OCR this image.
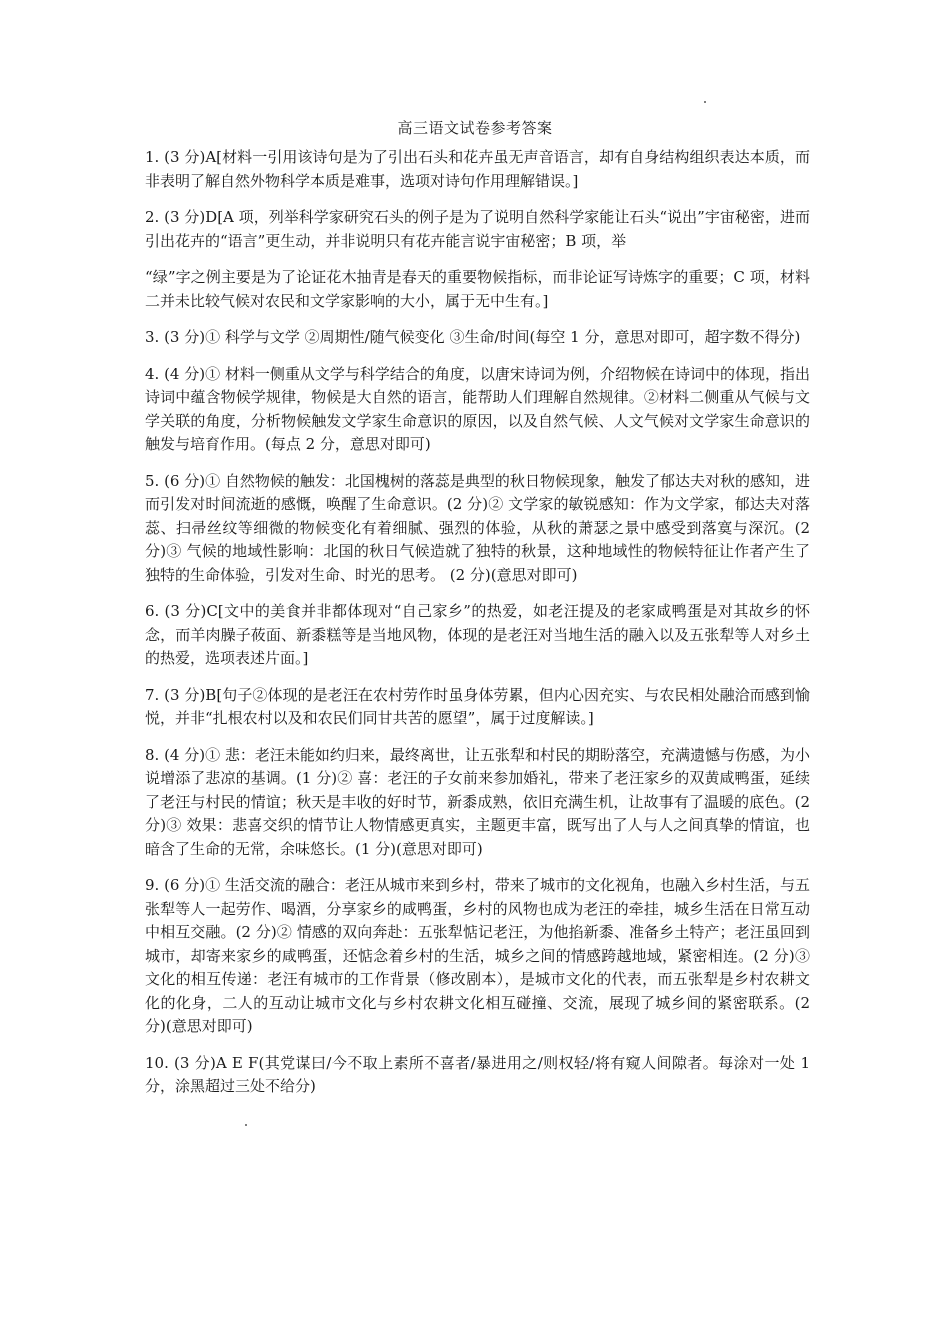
高三语文试卷参考答案

1. (3 分)A[材料一引用该诗句是为了引出石头和花卉虽无声音语言，却有自身结构组织表达本质，而非表明了解自然外物科学本质是难事，选项对诗句作用理解错误。]

2. (3 分)D[A 项，列举科学家研究石头的例子是为了说明自然科学家能让石头“说出”宇宙秘密，进而引出花卉的“语言”更生动，并非说明只有花卉能言说宇宙秘密；B 项，举

“绿”字之例主要是为了论证花木抽青是春天的重要物候指标，而非论证写诗炼字的重要；C 项，材料二并未比较气候对农民和文学家影响的大小，属于无中生有。]

3. (3 分)① 科学与文学 ②周期性/随气候变化 ③生命/时间(每空 1 分，意思对即可，超字数不得分)

4. (4 分)① 材料一侧重从文学与科学结合的角度，以唐宋诗词为例，介绍物候在诗词中的体现，指出诗词中蕴含物候学规律，物候是大自然的语言，能帮助人们理解自然规律。②材料二侧重从气候与文学关联的角度，分析物候触发文学家生命意识的原因，以及自然气候、人文气候对文学家生命意识的触发与培育作用。(每点 2 分，意思对即可)

5. (6 分)① 自然物候的触发：北国槐树的落蕊是典型的秋日物候现象，触发了郁达夫对秋的感知，进而引发对时间流逝的感慨，唤醒了生命意识。(2 分)② 文学家的敏锐感知：作为文学家，郁达夫对落蕊、扫帚丝纹等细微的物候变化有着细腻、强烈的体验，从秋的萧瑟之景中感受到落寞与深沉。(2 分)③ 气候的地域性影响：北国的秋日气候造就了独特的秋景，这种地域性的物候特征让作者产生了独特的生命体验，引发对生命、时光的思考。 (2 分)(意思对即可)

6. (3 分)C[文中的美食并非都体现对“自己家乡”的热爱，如老汪提及的老家咸鸭蛋是对其故乡的怀念，而羊肉臊子莜面、新黍糕等是当地风物，体现的是老汪对当地生活的融入以及五张犁等人对乡土的热爱，选项表述片面。]

7. (3 分)B[句子②体现的是老汪在农村劳作时虽身体劳累，但内心因充实、与农民相处融洽而感到愉悦，并非“扎根农村以及和农民们同甘共苦的愿望”，属于过度解读。]

8. (4 分)① 悲：老汪未能如约归来，最终离世，让五张犁和村民的期盼落空，充满遗憾与伤感，为小说增添了悲凉的基调。(1 分)② 喜：老汪的子女前来参加婚礼，带来了老汪家乡的双黄咸鸭蛋，延续了老汪与村民的情谊；秋天是丰收的好时节，新黍成熟，依旧充满生机，让故事有了温暖的底色。(2 分)③ 效果：悲喜交织的情节让人物情感更真实，主题更丰富，既写出了人与人之间真挚的情谊，也暗含了生命的无常，余味悠长。(1 分)(意思对即可)

9. (6 分)① 生活交流的融合：老汪从城市来到乡村，带来了城市的文化视角，也融入乡村生活，与五张犁等人一起劳作、喝酒，分享家乡的咸鸭蛋，乡村的风物也成为老汪的牵挂，城乡生活在日常互动中相互交融。(2 分)② 情感的双向奔赴：五张犁惦记老汪，为他掐新黍、准备乡土特产；老汪虽回到城市，却寄来家乡的咸鸭蛋，还惦念着乡村的生活，城乡之间的情感跨越地域，紧密相连。(2 分)③ 文化的相互传递：老汪有城市的工作背景（修改剧本），是城市文化的代表，而五张犁是乡村农耕文化的化身，二人的互动让城市文化与乡村农耕文化相互碰撞、交流，展现了城乡间的紧密联系。(2 分)(意思对即可)

10. (3 分)A E F(其党谋曰/今不取上素所不喜者/暴进用之/则权轻/将有窥人间隙者。每涂对一处 1 分，涂黑超过三处不给分)
